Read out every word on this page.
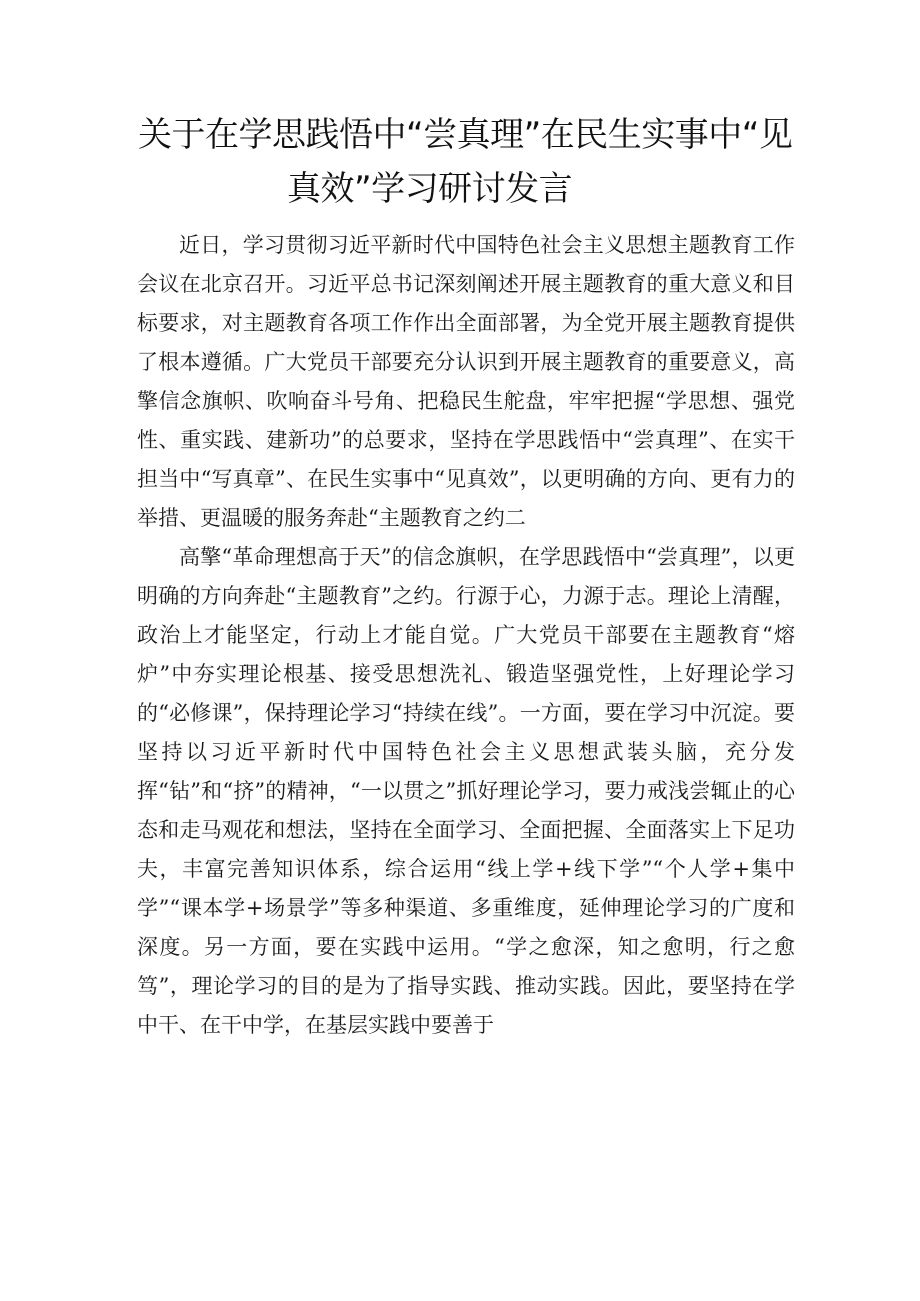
关于在学思践悟中“尝真理”在民生实事中“见
真效”学习研讨发言

近日，学习贯彻习近平新时代中国特色社会主义思想主题教育工作会议在北京召开。习近平总书记深刻阐述开展主题教育的重大意义和目标要求，对主题教育各项工作作出全面部署，为全党开展主题教育提供了根本遵循。广大党员干部要充分认识到开展主题教育的重要意义，高擎信念旗帜、吹响奋斗号角、把稳民生舵盘，牢牢把握“学思想、强党性、重实践、建新功”的总要求，坚持在学思践悟中“尝真理”、在实干担当中“写真章”、在民生实事中“见真效”，以更明确的方向、更有力的举措、更温暖的服务奔赴“主题教育之约二

高擎“革命理想高于天”的信念旗帜，在学思践悟中“尝真理”，以更明确的方向奔赴“主题教育”之约。行源于心，力源于志。理论上清醒，政治上才能坚定，行动上才能自觉。广大党员干部要在主题教育“熔炉”中夯实理论根基、接受思想洗礼、锻造坚强党性，上好理论学习的“必修课”，保持理论学习“持续在线”。一方面，要在学习中沉淀。要坚持以习近平新时代中国特色社会主义思想武装头脑，充分发挥“钻”和“挤”的精神，“一以贯之”抓好理论学习，要力戒浅尝辄止的心态和走马观花和想法，坚持在全面学习、全面把握、全面落实上下足功夫，丰富完善知识体系，综合运用“线上学+线下学”“个人学+集中学”“课本学+场景学”等多种渠道、多重维度，延伸理论学习的广度和深度。另一方面，要在实践中运用。“学之愈深，知之愈明，行之愈笃”，理论学习的目的是为了指导实践、推动实践。因此，要坚持在学中干、在干中学，在基层实践中要善于
